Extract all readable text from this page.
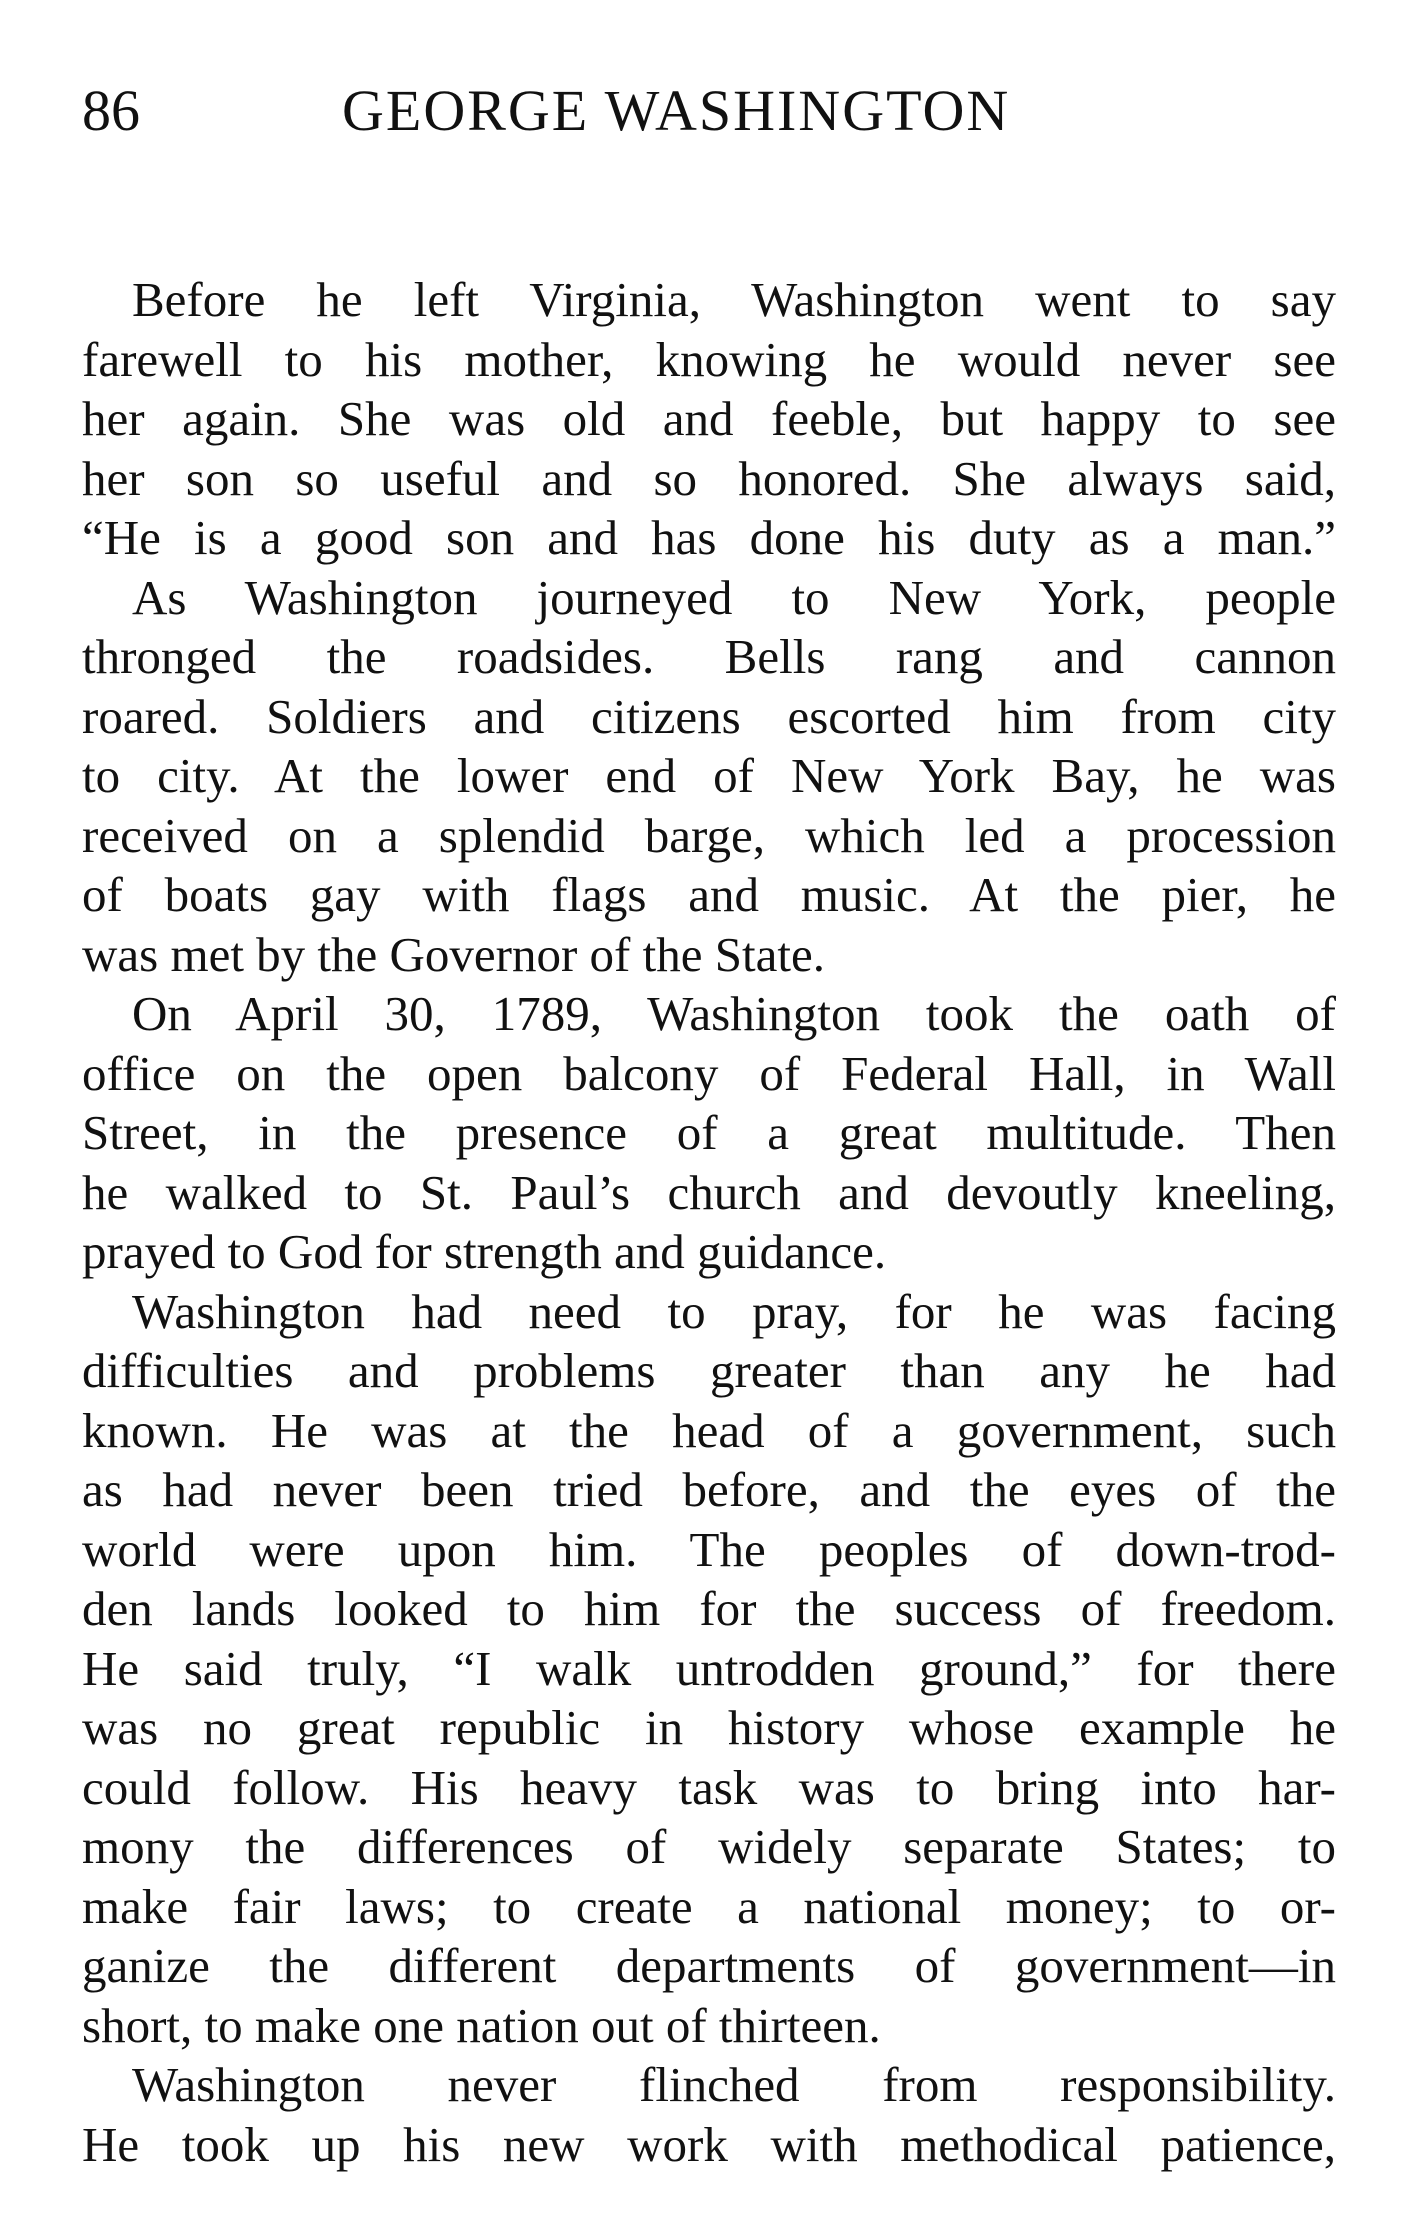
86	GEORGE WASHINGTON

Before he left Virginia, Washington went to say
farewell to his mother, knowing he would never see
her again. She was old and feeble, but happy to see
her son so useful and so honored. She always said,
“He is a good son and has done his duty as a man.”

As Washington journeyed to New York, people
thronged the roadsides. Bells rang and cannon
roared. Soldiers and citizens escorted him from city
to city. At the lower end of New York Bay, he was
received on a splendid barge, which led a procession
of boats gay with flags and music. At the pier, he
was met by the Governor of the State.

On April 30, 1789, Washington took the oath of
office on the open balcony of Federal Hall, in Wall
Street, in the presence of a great multitude. Then
he walked to St. Paul’s church and devoutly kneeling,
prayed to God for strength and guidance.

Washington had need to pray, for he was facing
difficulties and problems greater than any he had
known. He was at the head of a government, such
as had never been tried before, and the eyes of the
world were upon him. The peoples of down-trod-
den lands looked to him for the success of freedom.
He said truly, “I walk untrodden ground,” for there
was no great republic in history whose example he
could follow. His heavy task was to bring into har-
mony the differences of widely separate States; to
make fair laws; to create a national money; to or-
ganize the different departments of government—in
short, to make one nation out of thirteen.

Washington never flinched from responsibility.
He took up his new work with methodical patience,
